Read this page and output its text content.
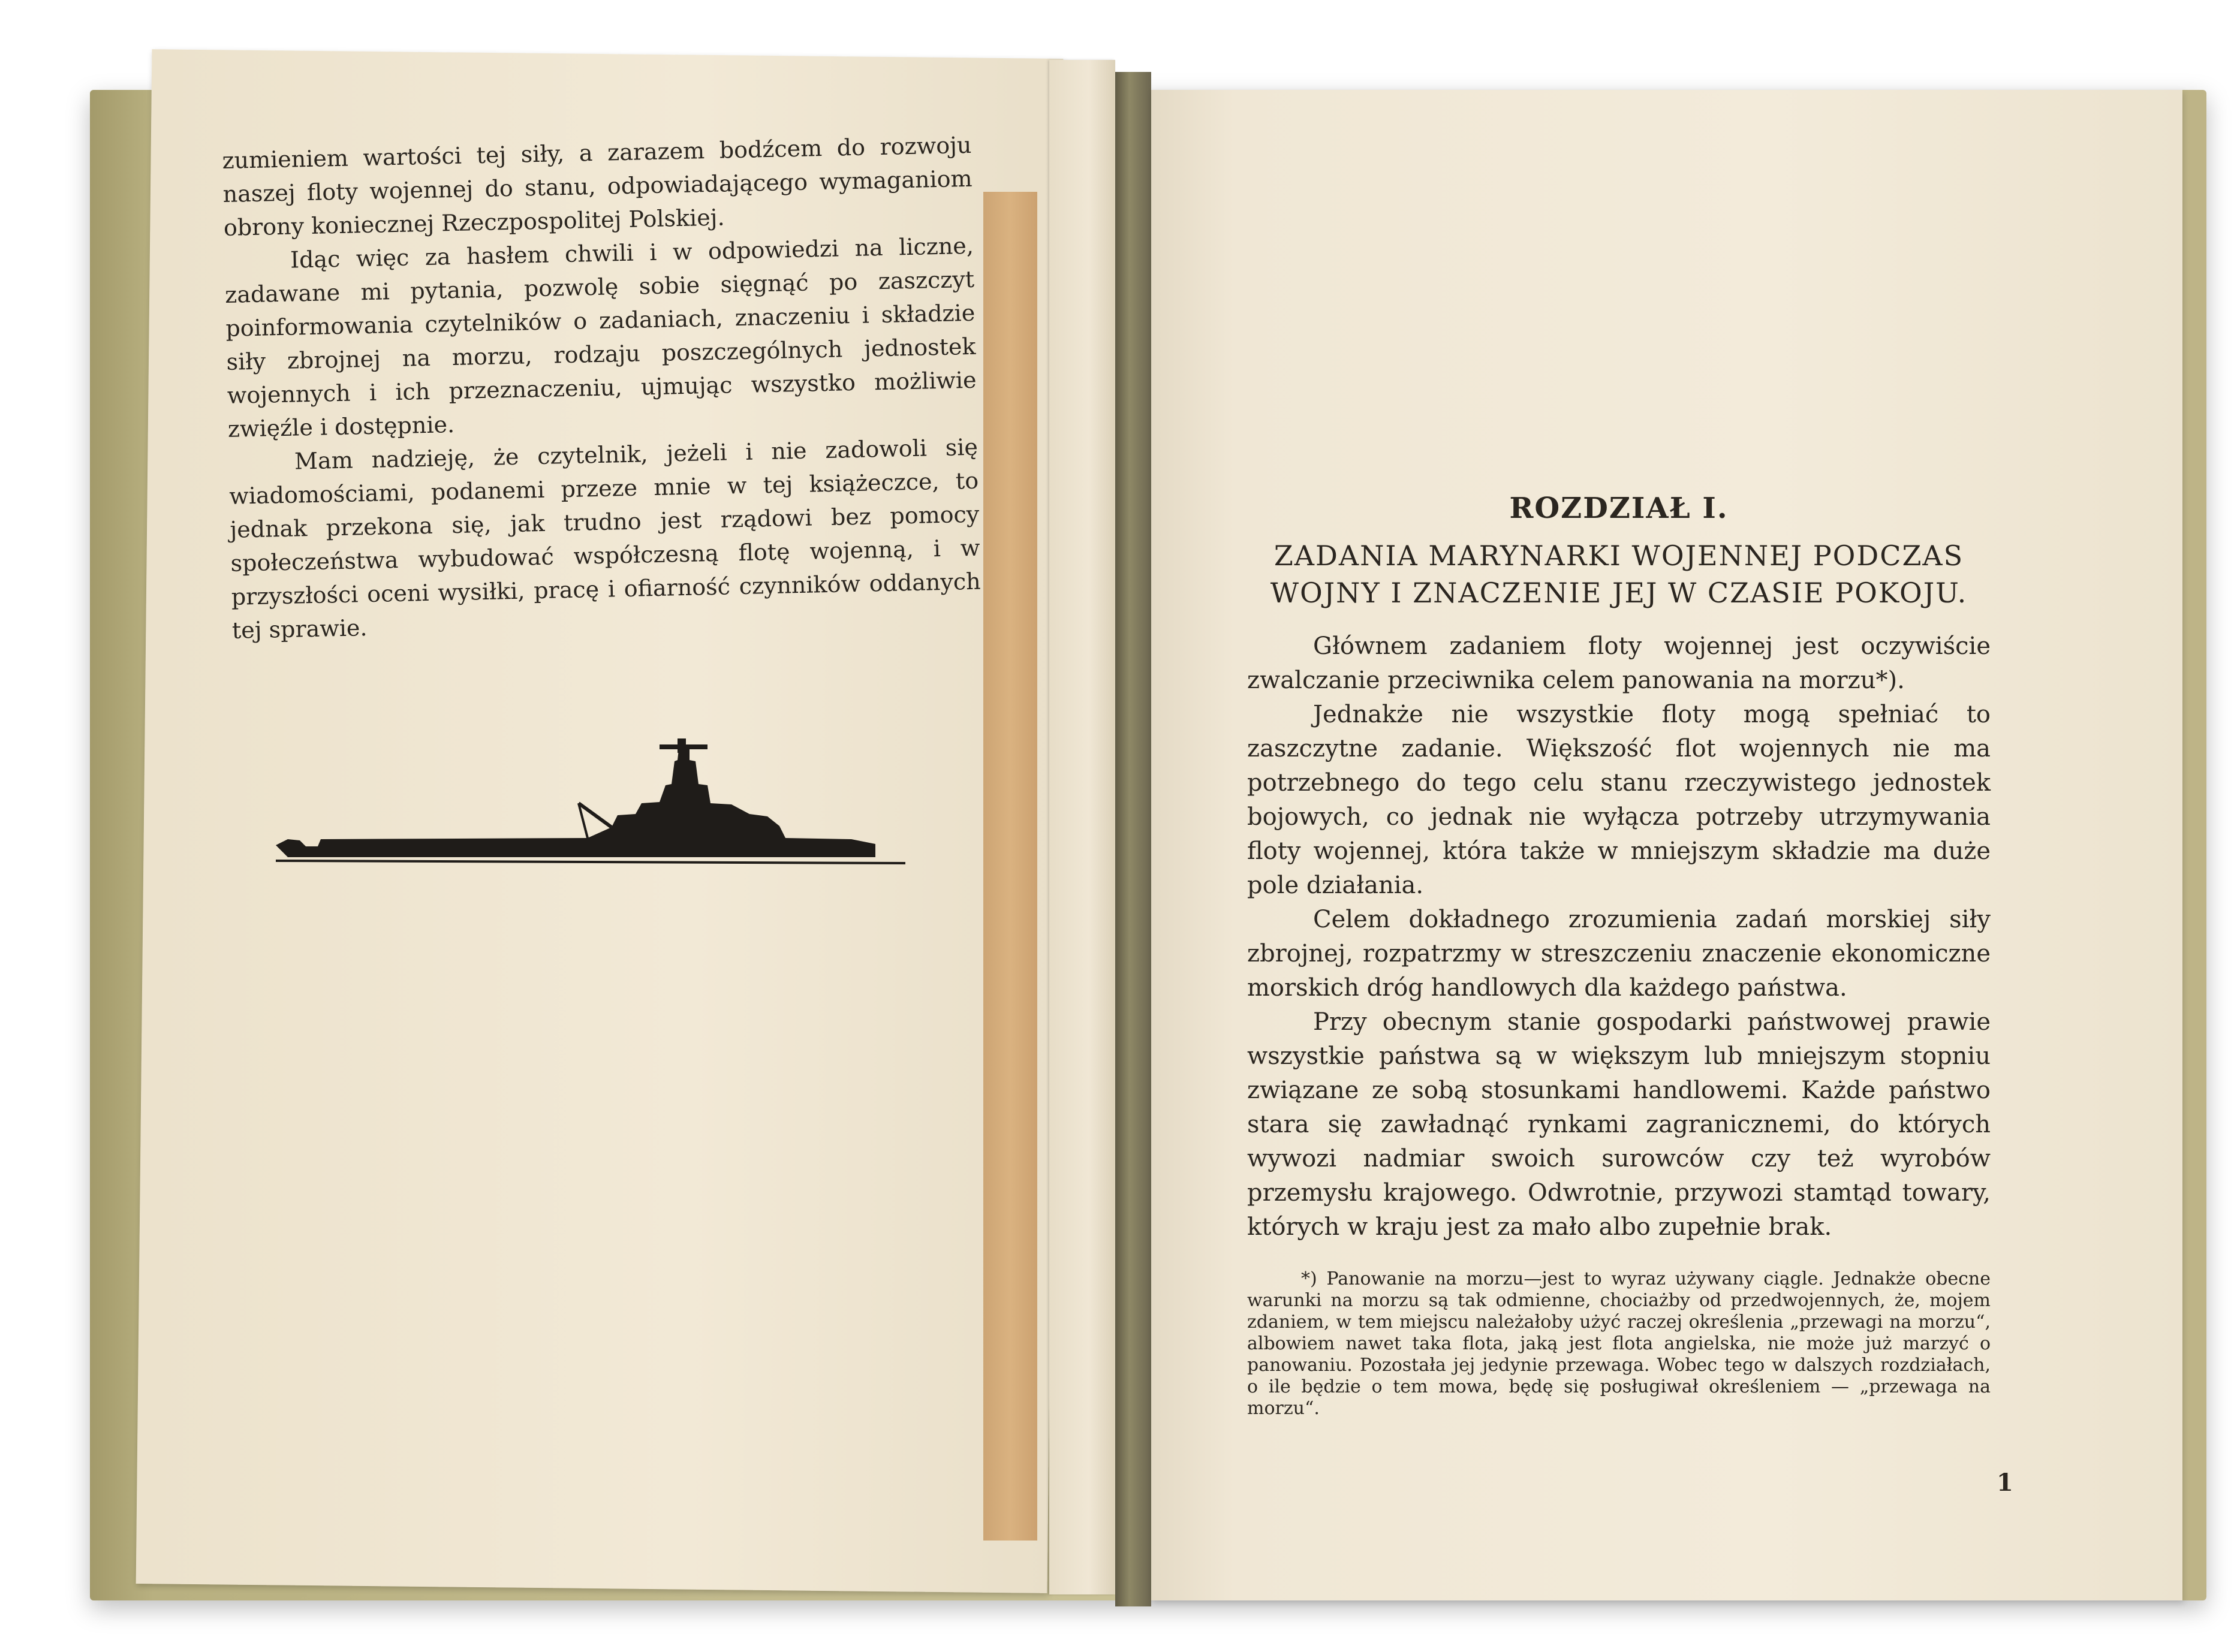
zumieniem wartości tej siły, a zarazem bodźcem do rozwoju naszej floty wojennej do stanu, odpowiadającego wymaganiom obrony koniecznej Rzeczpospolitej Polskiej.

Idąc więc za hasłem chwili i w odpowiedzi na liczne, zadawane mi pytania, pozwolę sobie sięgnąć po zaszczyt poinformowania czytelników o zadaniach, znaczeniu i składzie siły zbrojnej na morzu, rodzaju poszczególnych jednostek wojennych i ich przeznaczeniu, ujmując wszystko możliwie zwięźle i dostępnie.

Mam nadzieję, że czytelnik, jeżeli i nie zadowoli się wiadomościami, podanemi przeze mnie w tej książeczce, to jednak przekona się, jak trudno jest rządowi bez pomocy społeczeństwa wybudować współczesną flotę wojenną, i w przyszłości oceni wysiłki, pracę i ofiarność czynników oddanych tej sprawie.

ROZDZIAŁ I.
ZADANIA MARYNARKI WOJENNEJ PODCZAS
WOJNY I ZNACZENIE JEJ W CZASIE POKOJU.

Głównem zadaniem floty wojennej jest oczywiście zwalczanie przeciwnika celem panowania na morzu*).

Jednakże nie wszystkie floty mogą spełniać to zaszczytne zadanie. Większość flot wojennych nie ma potrzebnego do tego celu stanu rzeczywistego jednostek bojowych, co jednak nie wyłącza potrzeby utrzymywania floty wojennej, która także w mniejszym składzie ma duże pole działania.

Celem dokładnego zrozumienia zadań morskiej siły zbrojnej, rozpatrzmy w streszczeniu znaczenie ekonomiczne morskich dróg handlowych dla każdego państwa.

Przy obecnym stanie gospodarki państwowej prawie wszystkie państwa są w większym lub mniejszym stopniu związane ze sobą stosunkami handlowemi. Każde państwo stara się zawładnąć rynkami zagranicznemi, do których wywozi nadmiar swoich surowców czy też wyrobów przemysłu krajowego. Odwrotnie, przywozi stamtąd towary, których w kraju jest za mało albo zupełnie brak.

*) Panowanie na morzu—jest to wyraz używany ciągle. Jednakże obecne warunki na morzu są tak odmienne, chociażby od przedwojennych, że, mojem zdaniem, w tem miejscu należałoby użyć raczej określenia „przewagi na morzu“, albowiem nawet taka flota, jaką jest flota angielska, nie może już marzyć o panowaniu. Pozostała jej jedynie przewaga. Wobec tego w dalszych rozdziałach, o ile będzie o tem mowa, będę się posługiwał określeniem — „przewaga na morzu“.

1
